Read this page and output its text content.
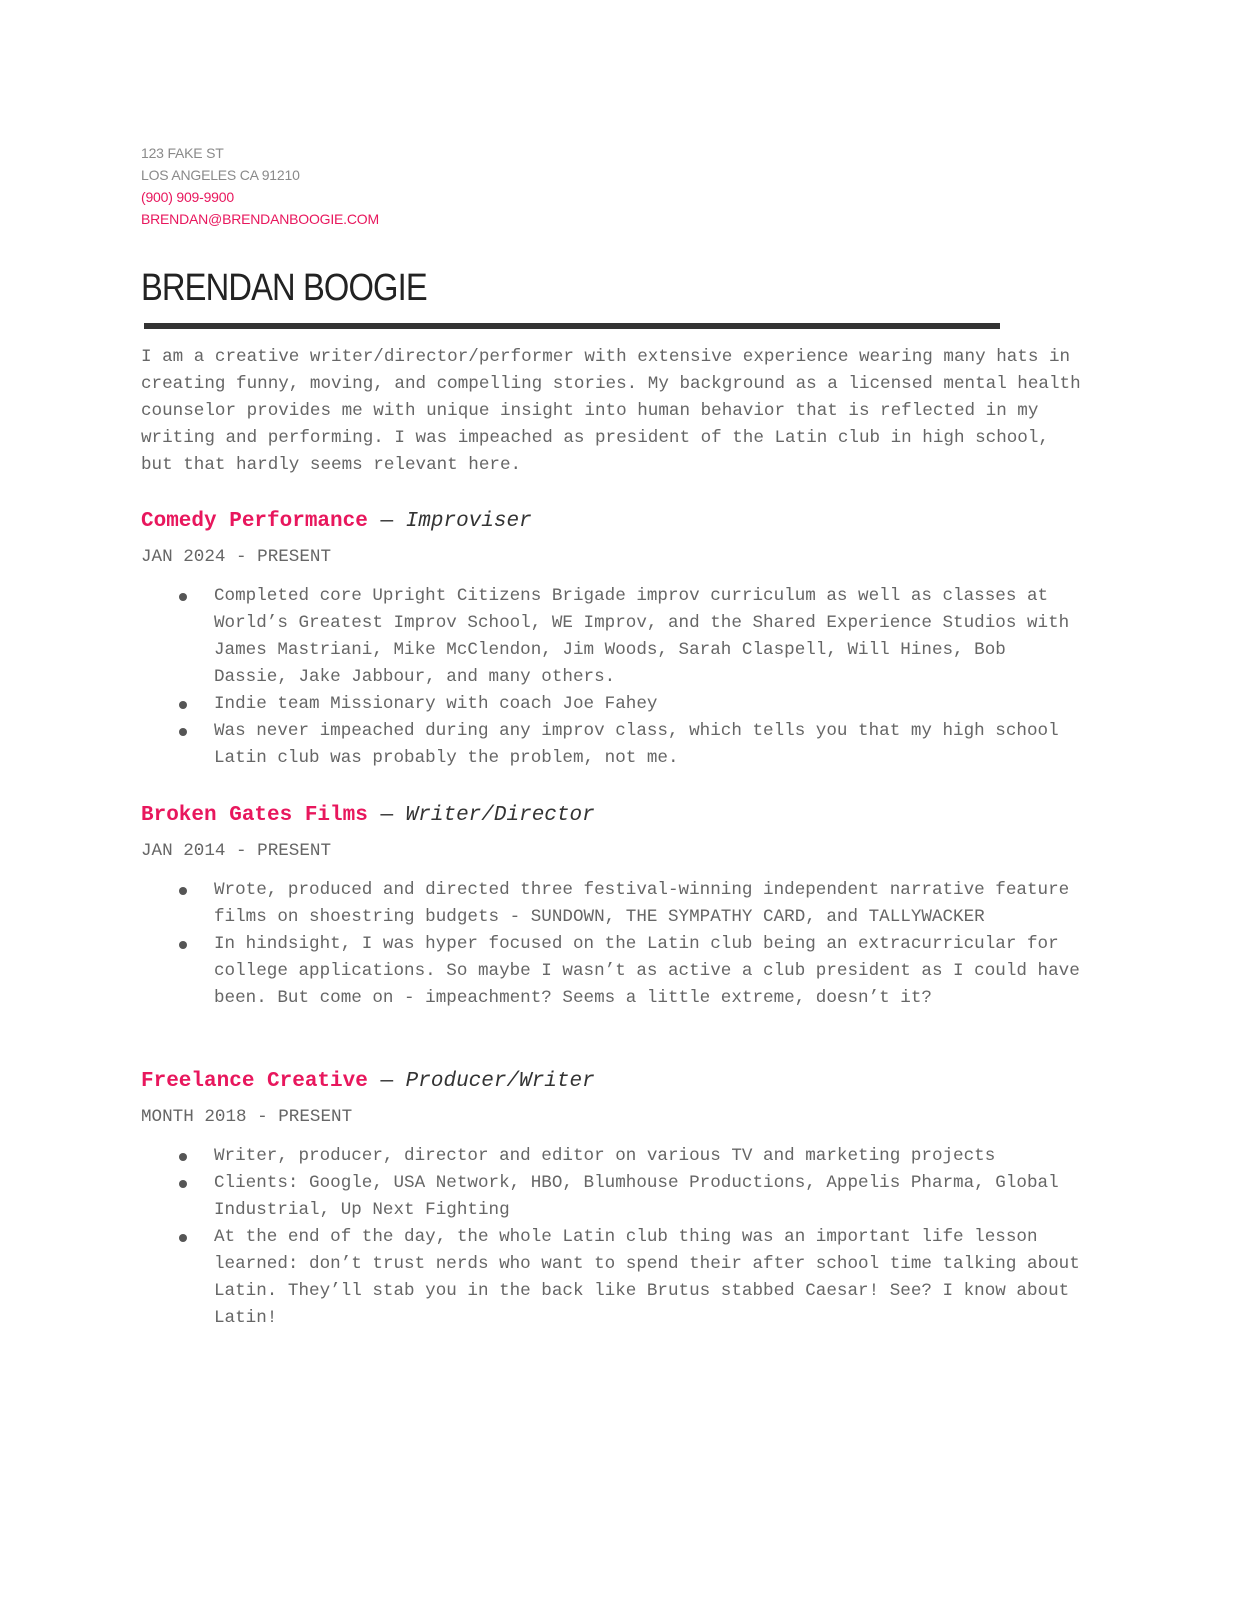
123 FAKE ST
LOS ANGELES CA 91210
(900) 909-9900
BRENDAN@BRENDANBOOGIE.COM
BRENDAN BOOGIE

I am a creative writer/director/performer with extensive experience wearing many hats in creating funny, moving, and compelling stories. My background as a licensed mental health counselor provides me with unique insight into human behavior that is reflected in my writing and performing. I was impeached as president of the Latin club in high school, but that hardly seems relevant here.

Comedy Performance — Improviser
JAN 2024 - PRESENT
Completed core Upright Citizens Brigade improv curriculum as well as classes at World’s Greatest Improv School, WE Improv, and the Shared Experience Studios with James Mastriani, Mike McClendon, Jim Woods, Sarah Claspell, Will Hines, Bob Dassie, Jake Jabbour, and many others.
Indie team Missionary with coach Joe Fahey
Was never impeached during any improv class, which tells you that my high school Latin club was probably the problem, not me.
Broken Gates Films — Writer/Director
JAN 2014 - PRESENT
Wrote, produced and directed three festival-winning independent narrative feature films on shoestring budgets - SUNDOWN, THE SYMPATHY CARD, and TALLYWACKER
In hindsight, I was hyper focused on the Latin club being an extracurricular for college applications. So maybe I wasn’t as active a club president as I could have been. But come on - impeachment? Seems a little extreme, doesn’t it?
Freelance Creative — Producer/Writer
MONTH 2018 - PRESENT
Writer, producer, director and editor on various TV and marketing projects
Clients: Google, USA Network, HBO, Blumhouse Productions, Appelis Pharma, Global Industrial, Up Next Fighting
At the end of the day, the whole Latin club thing was an important life lesson learned: don’t trust nerds who want to spend their after school time talking about Latin. They’ll stab you in the back like Brutus stabbed Caesar! See? I know about Latin!
